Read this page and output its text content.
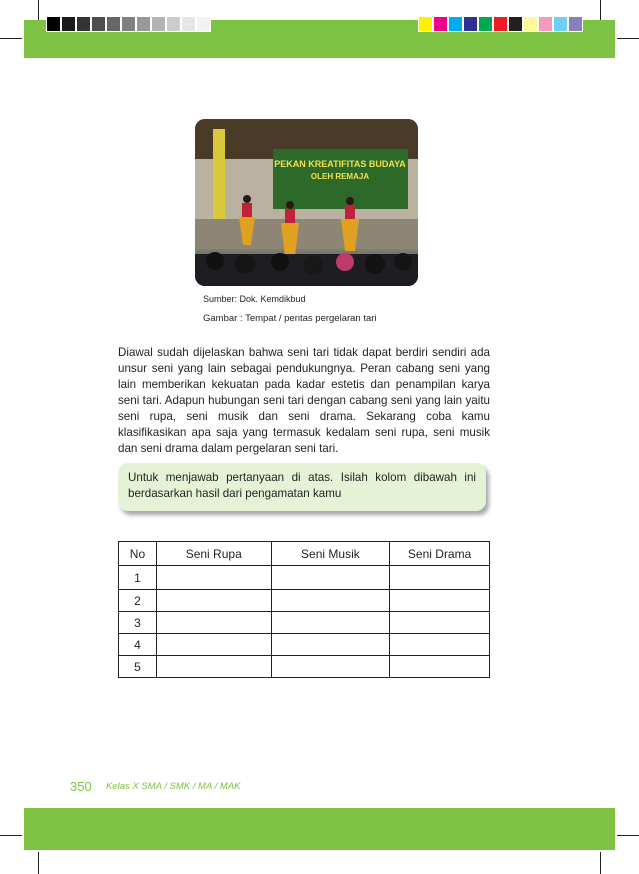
PEKAN KREATIFITAS BUDAYA
OLEH REMAJA
Sumber: Dok. Kemdikbud
Gambar : Tempat / pentas pergelaran tari

Diawal sudah dijelaskan bahwa seni tari tidak dapat berdiri sendiri ada unsur seni yang lain sebagai pendukungnya. Peran cabang seni yang lain memberikan kekuatan pada kadar estetis dan penampilan karya seni tari. Adapun hubungan seni tari dengan cabang seni yang lain yaitu seni rupa, seni musik dan seni drama. Sekarang coba kamu klasifikasikan apa saja yang termasuk kedalam seni rupa, seni musik dan seni drama dalam pergelaran seni tari.

Untuk menjawab pertanyaan di atas. Isilah kolom dibawah ini berdasarkan hasil dari pengamatan kamu
No	Seni Rupa	Seni Musik	Seni Drama
1			
2			
3			
4			
5			
350 Kelas X SMA / SMK / MA / MAK
